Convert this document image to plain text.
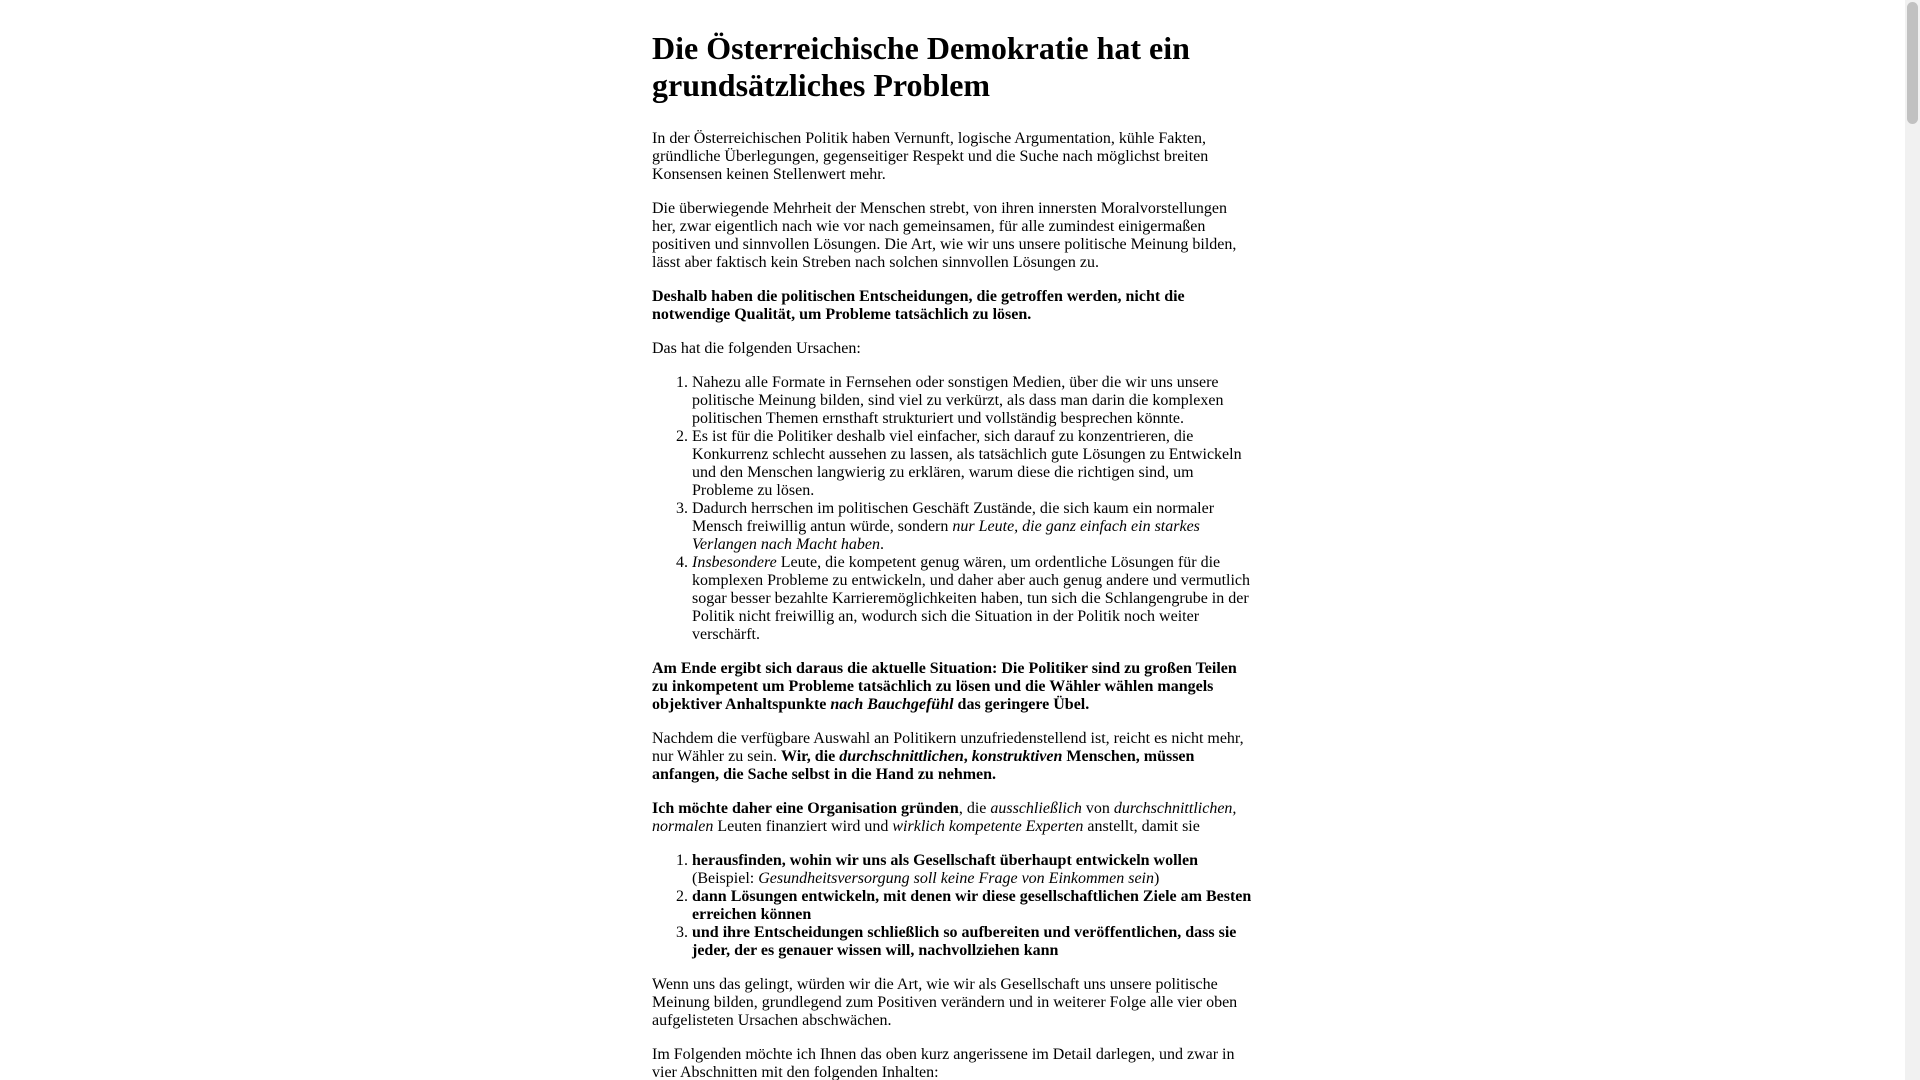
Die Österreichische Demokratie hat ein
grundsätzliches Problem

In der Österreichischen Politik haben Vernunft, logische Argumentation, kühle Fakten, gründliche Überlegungen, gegenseitiger Respekt und die Suche nach möglichst breiten Konsensen keinen Stellenwert mehr.

Die überwiegende Mehrheit der Menschen strebt, von ihren innersten Moralvorstellungen her, zwar eigentlich nach wie vor nach gemeinsamen, für alle zumindest einigermaßen positiven und sinnvollen Lösungen. Die Art, wie wir uns unsere politische Meinung bilden, lässt aber faktisch kein Streben nach solchen sinnvollen Lösungen zu.

Deshalb haben die politischen Entscheidungen, die getroffen werden, nicht die notwendige Qualität, um Probleme tatsächlich zu lösen.

Das hat die folgenden Ursachen:

1. Nahezu alle Formate in Fernsehen oder sonstigen Medien, über die wir uns unsere politische Meinung bilden, sind viel zu verkürzt, als dass man darin die komplexen politischen Themen ernsthaft strukturiert und vollständig besprechen könnte.
2. Es ist für die Politiker deshalb viel einfacher, sich darauf zu konzentrieren, die Konkurrenz schlecht aussehen zu lassen, als tatsächlich gute Lösungen zu Entwickeln und den Menschen langwierig zu erklären, warum diese die richtigen sind, um Probleme zu lösen.
3. Dadurch herrschen im politischen Geschäft Zustände, die sich kaum ein normaler Mensch freiwillig antun würde, sondern nur Leute, die ganz einfach ein starkes Verlangen nach Macht haben.
4. Insbesondere Leute, die kompetent genug wären, um ordentliche Lösungen für die komplexen Probleme zu entwickeln, und daher aber auch genug andere und vermutlich sogar besser bezahlte Karrieremöglichkeiten haben, tun sich die Schlangengrube in der Politik nicht freiwillig an, wodurch sich die Situation in der Politik noch weiter verschärft.

Am Ende ergibt sich daraus die aktuelle Situation: Die Politiker sind zu großen Teilen zu inkompetent um Probleme tatsächlich zu lösen und die Wähler wählen mangels objektiver Anhaltspunkte nach Bauchgefühl das geringere Übel.

Nachdem die verfügbare Auswahl an Politikern unzufriedenstellend ist, reicht es nicht mehr, nur Wähler zu sein. Wir, die durchschnittlichen, konstruktiven Menschen, müssen anfangen, die Sache selbst in die Hand zu nehmen.

Ich möchte daher eine Organisation gründen, die ausschließlich von durchschnittlichen, normalen Leuten finanziert wird und wirklich kompetente Experten anstellt, damit sie

1. herausfinden, wohin wir uns als Gesellschaft überhaupt entwickeln wollen
(Beispiel: Gesundheitsversorgung soll keine Frage von Einkommen sein)
2. dann Lösungen entwickeln, mit denen wir diese gesellschaftlichen Ziele am Besten erreichen können
3. und ihre Entscheidungen schließlich so aufbereiten und veröffentlichen, dass sie jeder, der es genauer wissen will, nachvollziehen kann

Wenn uns das gelingt, würden wir die Art, wie wir als Gesellschaft uns unsere politische Meinung bilden, grundlegend zum Positiven verändern und in weiterer Folge alle vier oben aufgelisteten Ursachen abschwächen.

Im Folgenden möchte ich Ihnen das oben kurz angerissene im Detail darlegen, und zwar in vier Abschnitten mit den folgenden Inhalten:
